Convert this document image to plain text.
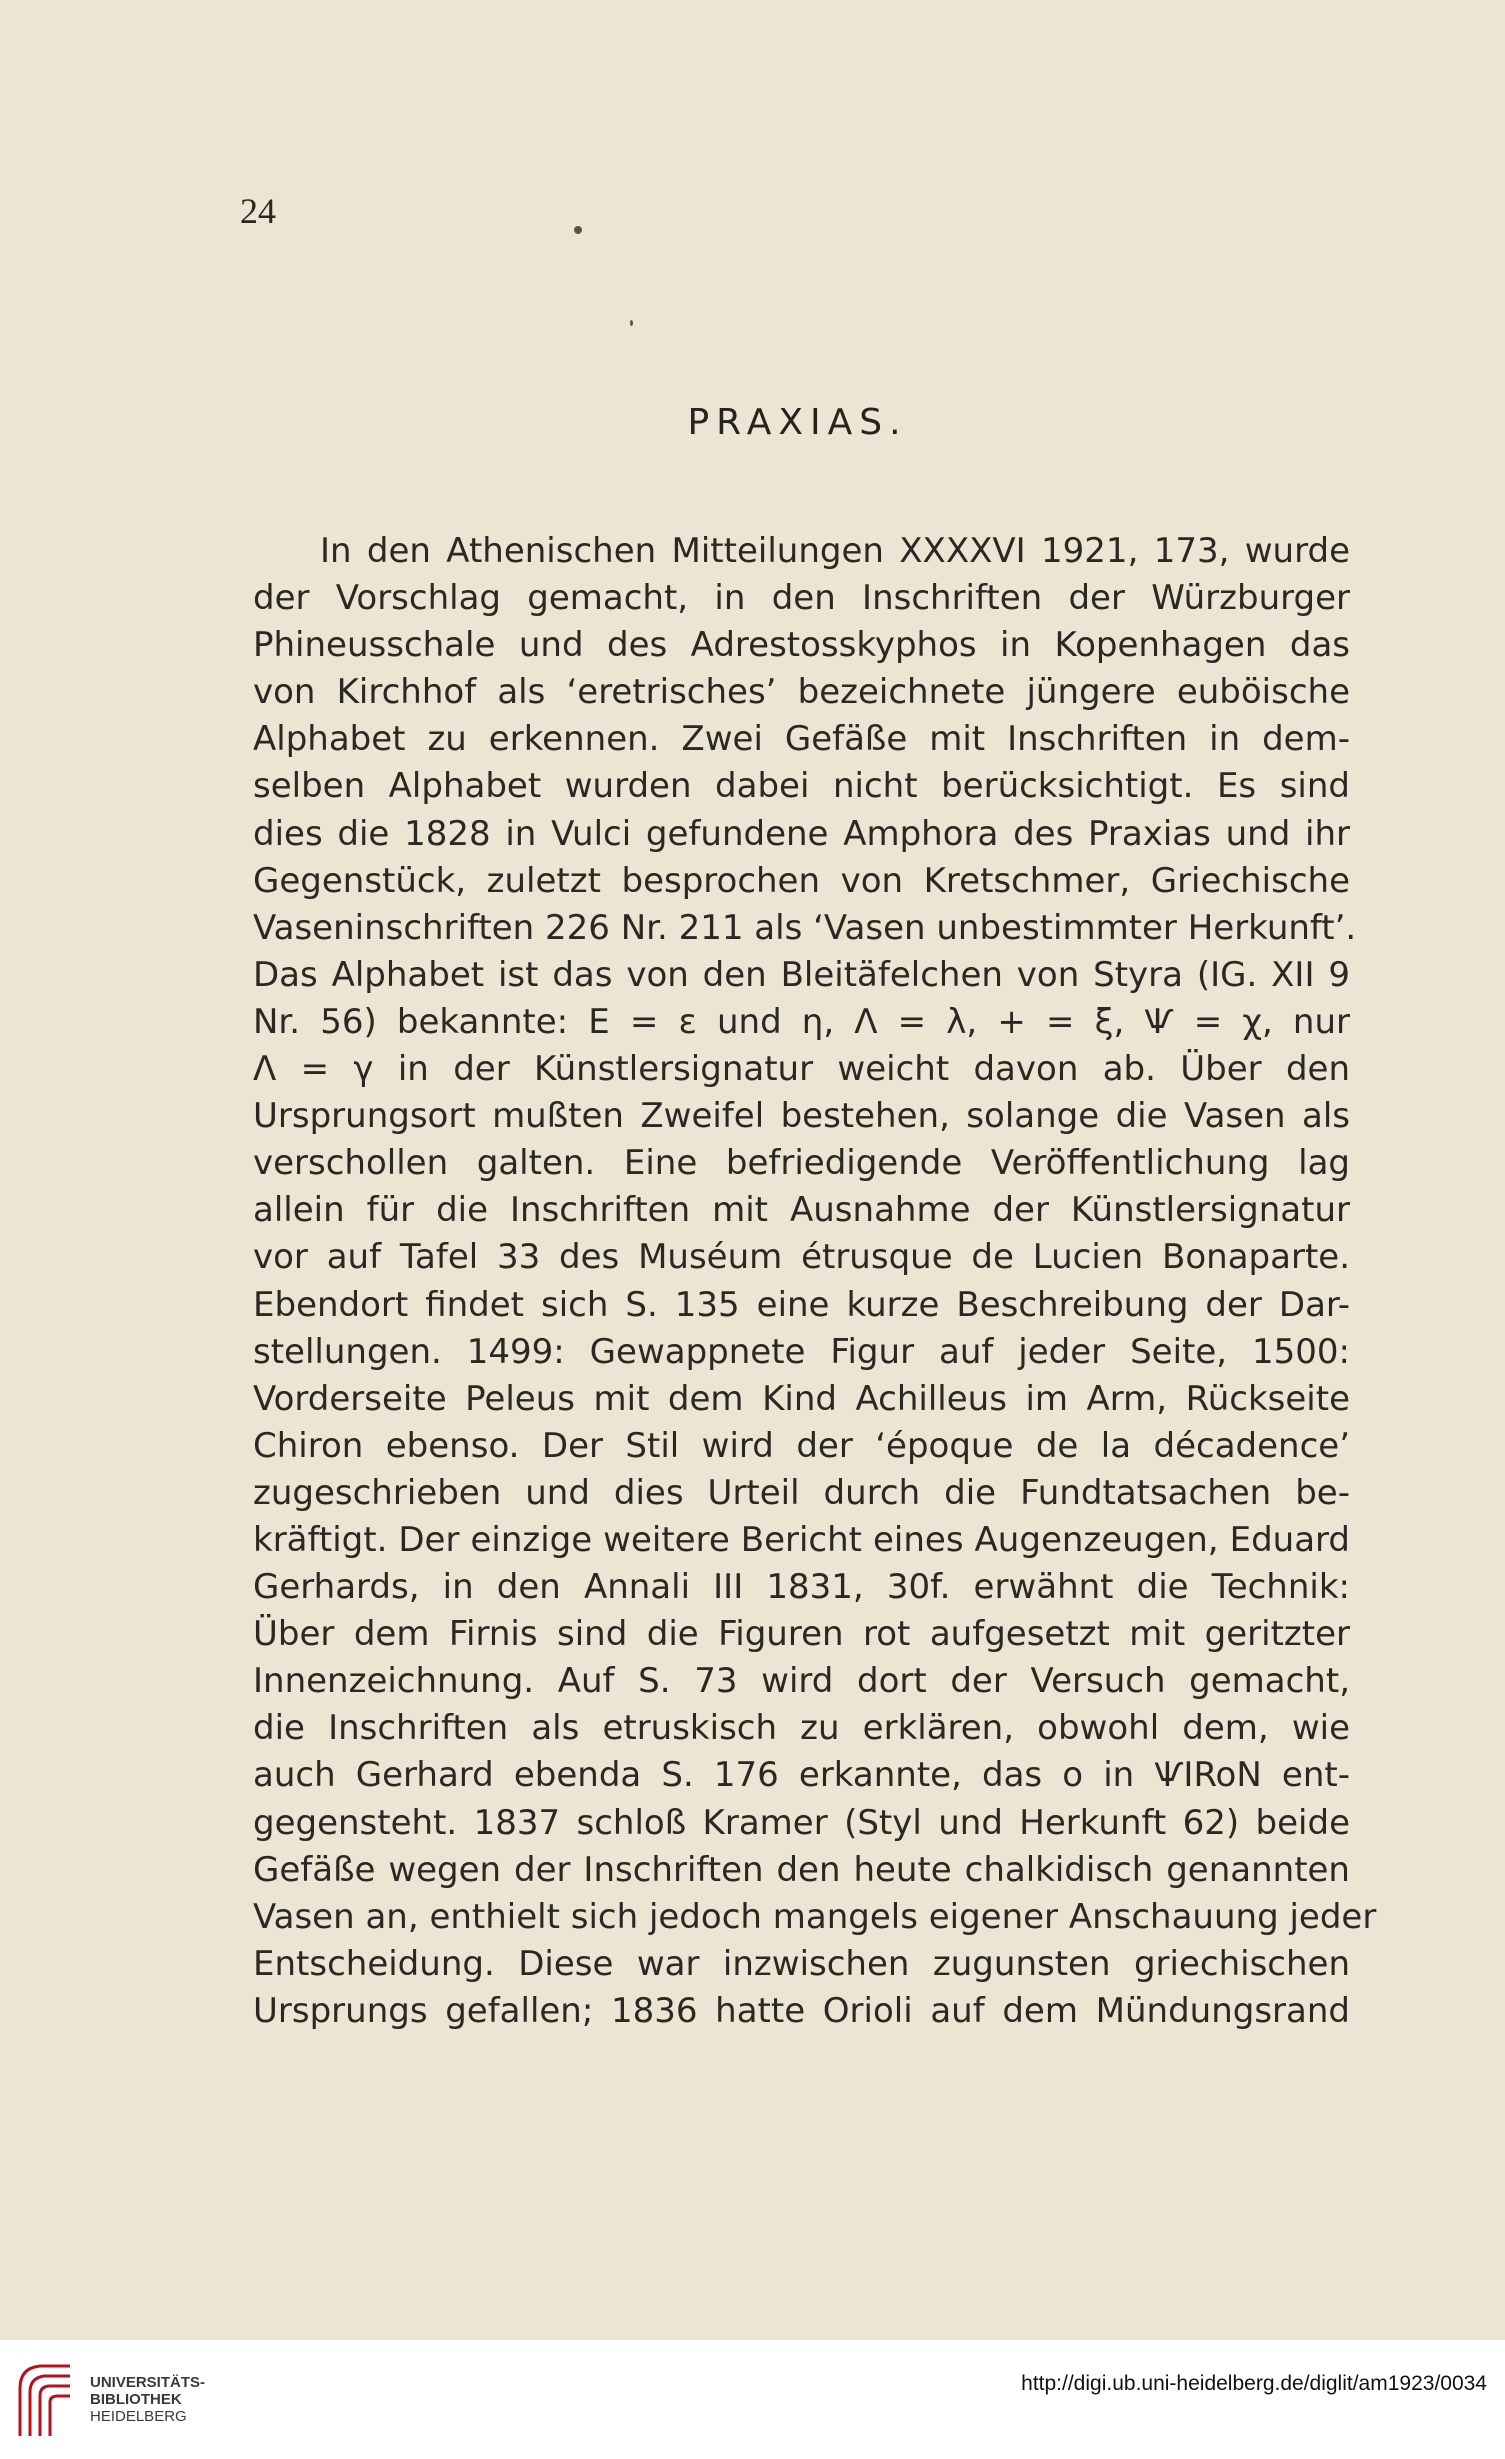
24
PRAXIAS.
In den Athenischen Mitteilungen XXXXVI 1921, 173, wurde
der Vorschlag gemacht, in den Inschriften der Würzburger
Phineusschale und des Adrestosskyphos in Kopenhagen das
von Kirchhof als ‘eretrisches’ bezeichnete jüngere euböische
Alphabet zu erkennen. Zwei Gefäße mit Inschriften in dem-
selben Alphabet wurden dabei nicht berücksichtigt. Es sind
dies die 1828 in Vulci gefundene Amphora des Praxias und ihr
Gegenstück, zuletzt besprochen von Kretschmer, Griechische
Vaseninschriften 226 Nr. 211 als ‘Vasen unbestimmter Herkunft’.
Das Alphabet ist das von den Bleitäfelchen von Styra (IG. XII 9
Nr. 56) bekannte: E = ε und η, Λ = λ, + = ξ, Ѱ = χ, nur
Λ = γ in der Künstlersignatur weicht davon ab. Über den
Ursprungsort mußten Zweifel bestehen, solange die Vasen als
verschollen galten. Eine befriedigende Veröffentlichung lag
allein für die Inschriften mit Ausnahme der Künstlersignatur
vor auf Tafel 33 des Muséum étrusque de Lucien Bonaparte.
Ebendort findet sich S. 135 eine kurze Beschreibung der Dar-
stellungen. 1499: Gewappnete Figur auf jeder Seite, 1500:
Vorderseite Peleus mit dem Kind Achilleus im Arm, Rückseite
Chiron ebenso. Der Stil wird der ‘époque de la décadence’
zugeschrieben und dies Urteil durch die Fundtatsachen be-
kräftigt. Der einzige weitere Bericht eines Augenzeugen, Eduard
Gerhards, in den Annali III 1831, 30f. erwähnt die Technik:
Über dem Firnis sind die Figuren rot aufgesetzt mit geritzter
Innenzeichnung. Auf S. 73 wird dort der Versuch gemacht,
die Inschriften als etruskisch zu erklären, obwohl dem, wie
auch Gerhard ebenda S. 176 erkannte, das o in ѰIRoN ent-
gegensteht. 1837 schloß Kramer (Styl und Herkunft 62) beide
Gefäße wegen der Inschriften den heute chalkidisch genannten
Vasen an, enthielt sich jedoch mangels eigener Anschauung jeder
Entscheidung. Diese war inzwischen zugunsten griechischen
Ursprungs gefallen; 1836 hatte Orioli auf dem Mündungsrand
UNIVERSITÄTS-
BIBLIOTHEK
HEIDELBERG
http://digi.ub.uni-heidelberg.de/diglit/am1923/0034
